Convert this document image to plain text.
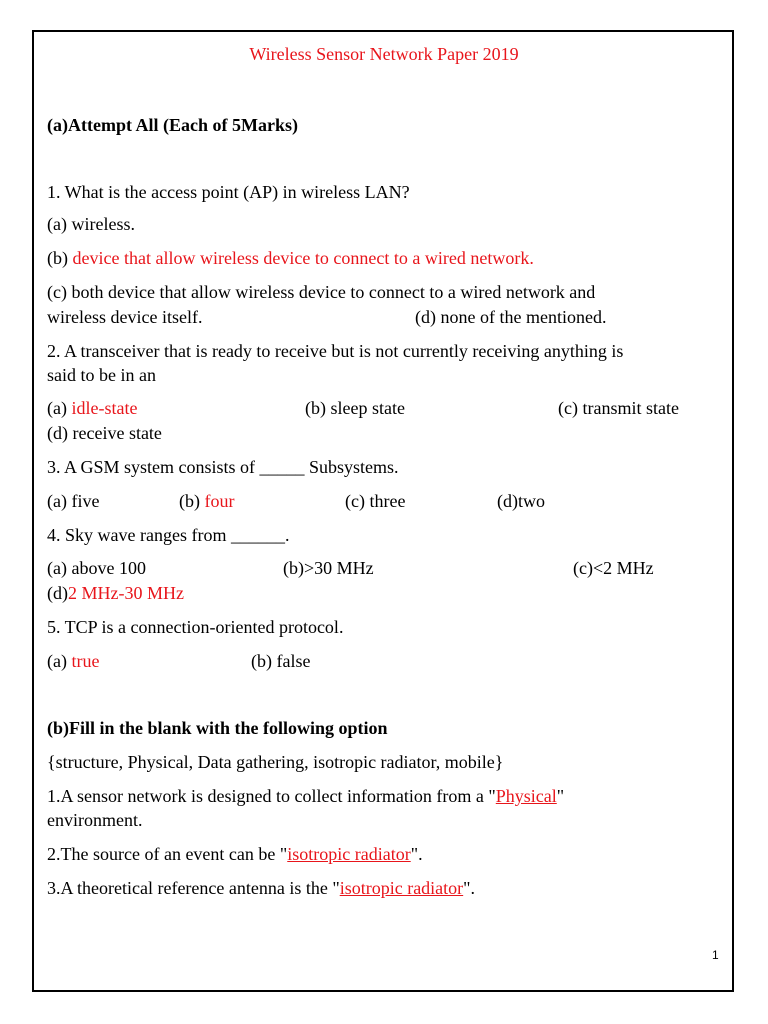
Wireless Sensor Network Paper 2019
(a)Attempt All (Each of 5Marks)
1. What is the access point (AP) in wireless LAN?
(a) wireless.
(b) device that allow wireless device to connect to a wired network.
(c) both device that allow wireless device to connect to a wired network and
wireless device itself.	(d) none of the mentioned.
2. A transceiver that is ready to receive but is not currently receiving anything is
said to be in an
(a) idle-state	(b) sleep state	(c) transmit state
(d) receive state
3. A GSM system consists of _____ Subsystems.
(a) five	(b) four	(c) three	(d)two
4. Sky wave ranges from ______.
(a) above 100	(b)>30 MHz	(c)<2 MHz
(d)2 MHz-30 MHz
5. TCP is a connection-oriented protocol.
(a) true	(b) false
(b)Fill in the blank with the following option
{structure, Physical, Data gathering, isotropic radiator, mobile}
1.A sensor network is designed to collect information from a "Physical"
environment.
2.The source of an event can be "isotropic radiator".
3.A theoretical reference antenna is the "isotropic radiator".
1
